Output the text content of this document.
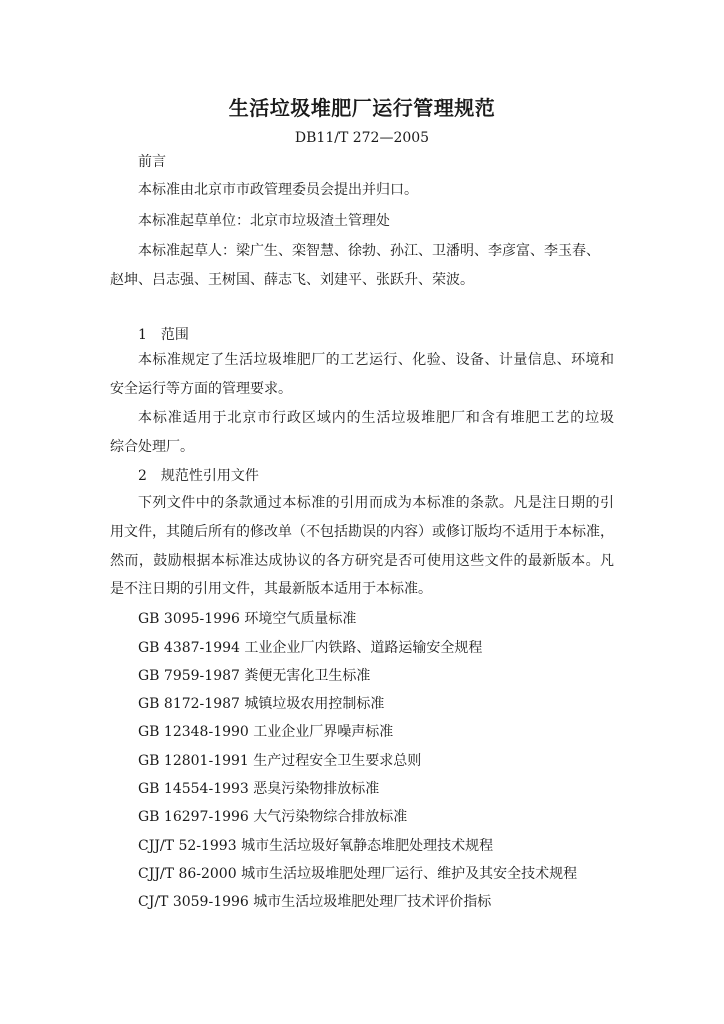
生活垃圾堆肥厂运行管理规范
DB11/T 272—2005
前言
本标准由北京市市政管理委员会提出并归口。
本标准起草单位：北京市垃圾渣土管理处
本标准起草人：梁广生、栾智慧、徐勃、孙江、卫潘明、李彦富、李玉春、
赵坤、吕志强、王树国、薛志飞、刘建平、张跃升、荣波。
1　范围
本标准规定了生活垃圾堆肥厂的工艺运行、化验、设备、计量信息、环境和
安全运行等方面的管理要求。
本标准适用于北京市行政区域内的生活垃圾堆肥厂和含有堆肥工艺的垃圾
综合处理厂。
2　规范性引用文件
下列文件中的条款通过本标准的引用而成为本标准的条款。凡是注日期的引
用文件，其随后所有的修改单（不包括勘误的内容）或修订版均不适用于本标准，
然而，鼓励根据本标准达成协议的各方研究是否可使用这些文件的最新版本。凡
是不注日期的引用文件，其最新版本适用于本标准。
GB 3095-1996 环境空气质量标准
GB 4387-1994 工业企业厂内铁路、道路运输安全规程
GB 7959-1987 粪便无害化卫生标准
GB 8172-1987 城镇垃圾农用控制标准
GB 12348-1990 工业企业厂界噪声标准
GB 12801-1991 生产过程安全卫生要求总则
GB 14554-1993 恶臭污染物排放标准
GB 16297-1996 大气污染物综合排放标准
CJJ/T 52-1993 城市生活垃圾好氧静态堆肥处理技术规程
CJJ/T 86-2000 城市生活垃圾堆肥处理厂运行、维护及其安全技术规程
CJ/T 3059-1996 城市生活垃圾堆肥处理厂技术评价指标
